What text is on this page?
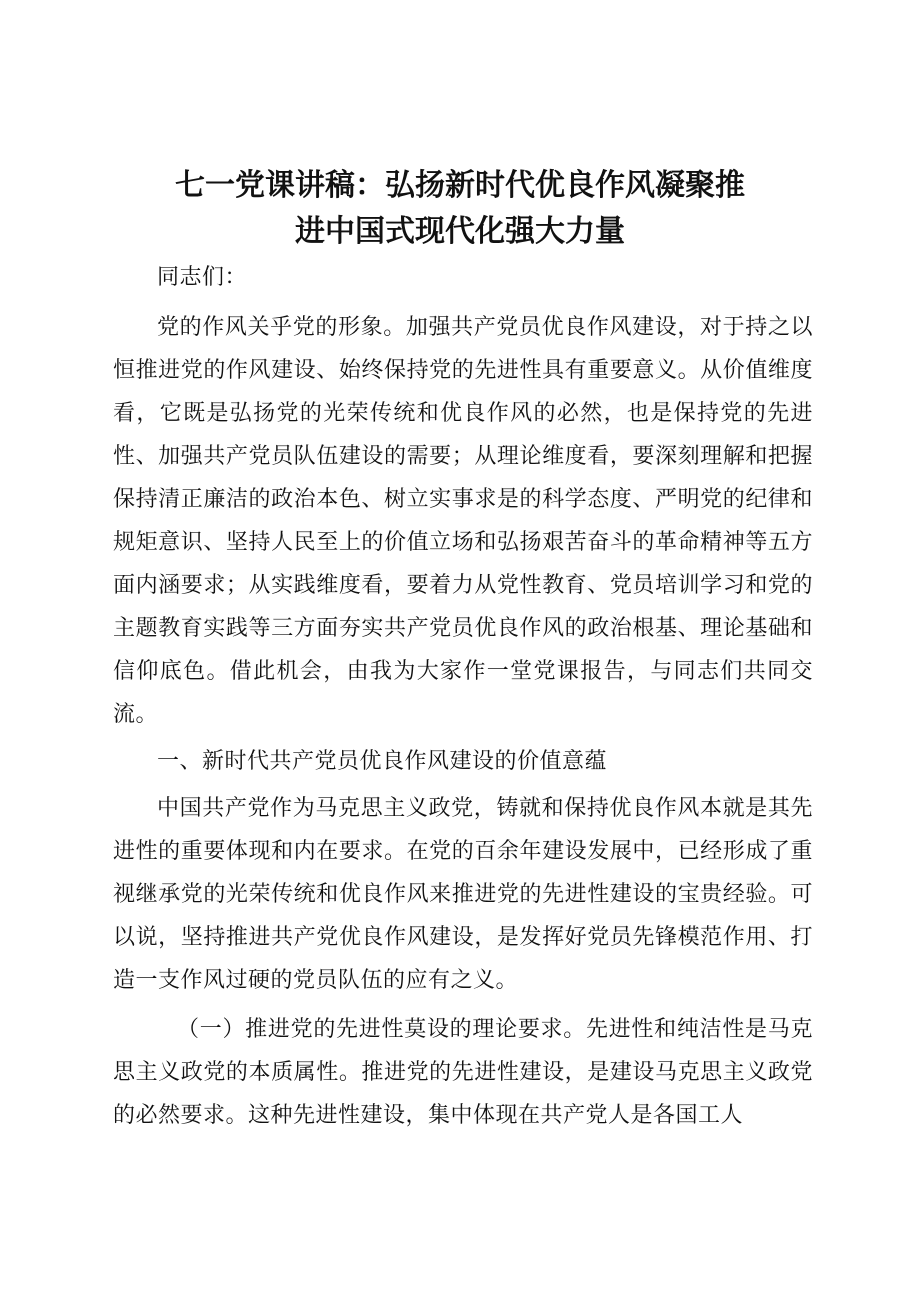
七一党课讲稿：弘扬新时代优良作风凝聚推
进中国式现代化强大力量

同志们：

党的作风关乎党的形象。加强共产党员优良作风建设，对于持之以恒推进党的作风建设、始终保持党的先进性具有重要意义。从价值维度看，它既是弘扬党的光荣传统和优良作风的必然，也是保持党的先进性、加强共产党员队伍建设的需要；从理论维度看，要深刻理解和把握保持清正廉洁的政治本色、树立实事求是的科学态度、严明党的纪律和规矩意识、坚持人民至上的价值立场和弘扬艰苦奋斗的革命精神等五方面内涵要求；从实践维度看，要着力从党性教育、党员培训学习和党的主题教育实践等三方面夯实共产党员优良作风的政治根基、理论基础和信仰底色。借此机会，由我为大家作一堂党课报告，与同志们共同交流。

一、新时代共产党员优良作风建设的价值意蕴

中国共产党作为马克思主义政党，铸就和保持优良作风本就是其先进性的重要体现和内在要求。在党的百余年建设发展中，已经形成了重视继承党的光荣传统和优良作风来推进党的先进性建设的宝贵经验。可以说，坚持推进共产党优良作风建设，是发挥好党员先锋模范作用、打造一支作风过硬的党员队伍的应有之义。

（一）推进党的先进性莫设的理论要求。先进性和纯洁性是马克思主义政党的本质属性。推进党的先进性建设，是建设马克思主义政党的必然要求。这种先进性建设，集中体现在共产党人是各国工人
